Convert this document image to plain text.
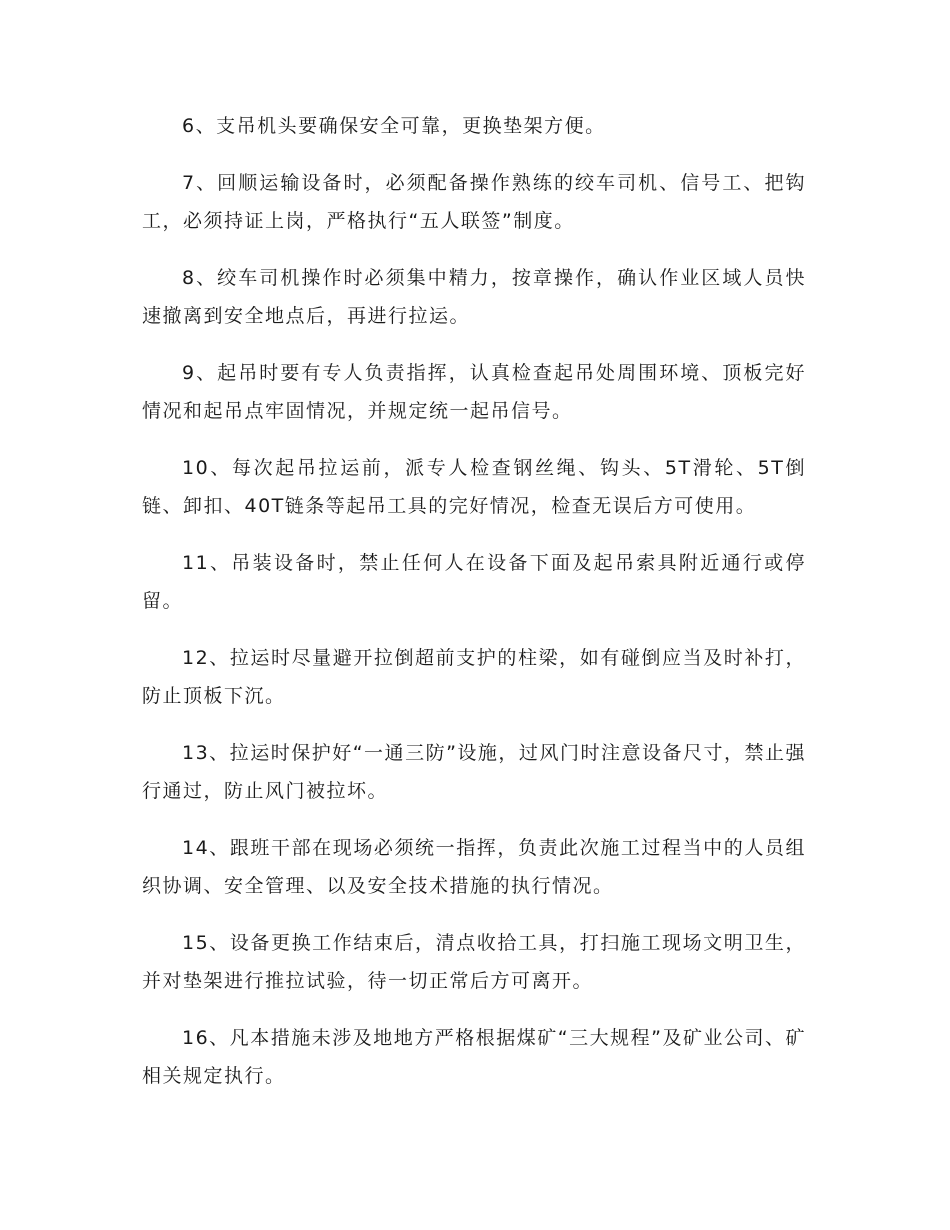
6、支吊机头要确保安全可靠，更换垫架方便。

7、回顺运输设备时，必须配备操作熟练的绞车司机、信号工、把钩工，必须持证上岗，严格执行“五人联签”制度。

8、绞车司机操作时必须集中精力，按章操作，确认作业区域人员快速撤离到安全地点后，再进行拉运。

9、起吊时要有专人负责指挥，认真检查起吊处周围环境、顶板完好情况和起吊点牢固情况，并规定统一起吊信号。

10、每次起吊拉运前，派专人检查钢丝绳、钩头、5T滑轮、5T倒链、卸扣、40T链条等起吊工具的完好情况，检查无误后方可使用。

11、吊装设备时，禁止任何人在设备下面及起吊索具附近通行或停留。

12、拉运时尽量避开拉倒超前支护的柱梁，如有碰倒应当及时补打，防止顶板下沉。

13、拉运时保护好“一通三防”设施，过风门时注意设备尺寸，禁止强行通过，防止风门被拉坏。

14、跟班干部在现场必须统一指挥，负责此次施工过程当中的人员组织协调、安全管理、以及安全技术措施的执行情况。

15、设备更换工作结束后，清点收拾工具，打扫施工现场文明卫生，并对垫架进行推拉试验，待一切正常后方可离开。

16、凡本措施未涉及地地方严格根据煤矿“三大规程”及矿业公司、矿相关规定执行。
